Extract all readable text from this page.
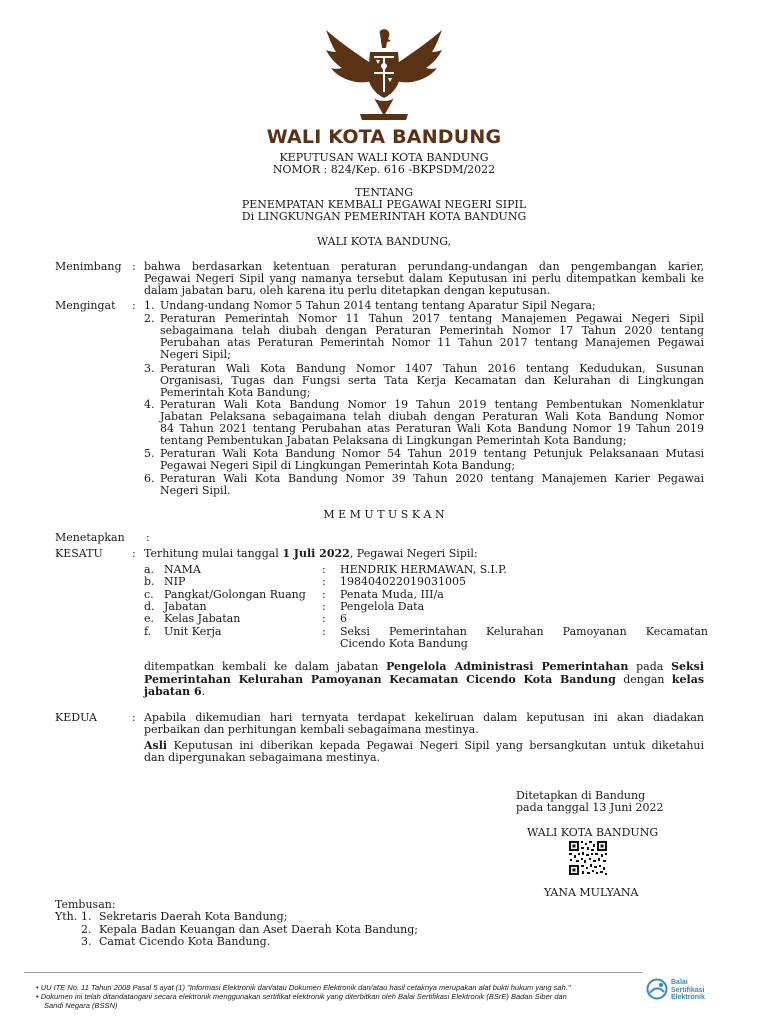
WALI KOTA BANDUNG
KEPUTUSAN WALI KOTA BANDUNG
NOMOR : 824/Kep. 616 -BKPSDM/2022
TENTANG
PENEMPATAN KEMBALI PEGAWAI NEGERI SIPIL
Di LINGKUNGAN PEMERINTAH KOTA BANDUNG
WALI KOTA BANDUNG,
Menimbang : bahwa berdasarkan ketentuan peraturan perundang-undangan dan pengembangan karier,
Pegawai Negeri Sipil yang namanya tersebut dalam Keputusan ini perlu ditempatkan kembali ke
dalam jabatan baru, oleh karena itu perlu ditetapkan dengan keputusan.
Mengingat : 1. Undang-undang Nomor 5 Tahun 2014 tentang tentang Aparatur Sipil Negara;
2. Peraturan Pemerintah Nomor 11 Tahun 2017 tentang Manajemen Pegawai Negeri Sipil
sebagaimana telah diubah dengan Peraturan Pemerintah Nomor 17 Tahun 2020 tentang
Perubahan atas Peraturan Pemerintah Nomor 11 Tahun 2017 tentang Manajemen Pegawai
Negeri Sipil;
3. Peraturan Wali Kota Bandung Nomor 1407 Tahun 2016 tentang Kedudukan, Susunan
Organisasi, Tugas dan Fungsi serta Tata Kerja Kecamatan dan Kelurahan di Lingkungan
Pemerintah Kota Bandung;
4. Peraturan Wali Kota Bandung Nomor 19 Tahun 2019 tentang Pembentukan Nomenklatur
Jabatan Pelaksana sebagaimana telah diubah dengan Peraturan Wali Kota Bandung Nomor
84 Tahun 2021 tentang Perubahan atas Peraturan Wali Kota Bandung Nomor 19 Tahun 2019
tentang Pembentukan Jabatan Pelaksana di Lingkungan Pemerintah Kota Bandung;
5. Peraturan Wali Kota Bandung Nomor 54 Tahun 2019 tentang Petunjuk Pelaksanaan Mutasi
Pegawai Negeri Sipil di Lingkungan Pemerintah Kota Bandung;
6. Peraturan Wali Kota Bandung Nomor 39 Tahun 2020 tentang Manajemen Karier Pegawai
Negeri Sipil.
M E M U T U S K A N
Menetapkan :
KESATU	: Terhitung mulai tanggal 1 Juli 2022, Pegawai Negeri Sipil:
a. NAMA	: HENDRIK HERMAWAN, S.I.P.
b. NIP	: 198404022019031005
c. Pangkat/Golongan Ruang : Penata Muda, III/a
d. Jabatan	: Pengelola Data
e. Kelas Jabatan	: 6
f. Unit Kerja	: Seksi Pemerintahan Kelurahan Pamoyanan Kecamatan
Cicendo Kota Bandung
ditempatkan kembali ke dalam jabatan Pengelola Administrasi Pemerintahan pada Seksi
Pemerintahan Kelurahan Pamoyanan Kecamatan Cicendo Kota Bandung dengan kelas
jabatan 6.
KEDUA	: Apabila dikemudian hari ternyata terdapat kekeliruan dalam keputusan ini akan diadakan
perbaikan dan perhitungan kembali sebagaimana mestinya.
Asli Keputusan ini diberikan kepada Pegawai Negeri Sipil yang bersangkutan untuk diketahui
dan dipergunakan sebagaimana mestinya.
Ditetapkan di Bandung
pada tanggal 13 Juni 2022
WALI KOTA BANDUNG
YANA MULYANA
Tembusan:
Yth. 1. Sekretaris Daerah Kota Bandung;
2. Kepala Badan Keuangan dan Aset Daerah Kota Bandung;
3. Camat Cicendo Kota Bandung.
• UU ITE No. 11 Tahun 2008 Pasal 5 ayat (1) "Informasi Elektronik dan/atau Dokumen Elektronik dan/atau hasil cetaknya merupakan alat bukti hukum yang sah."
• Dokumen ini telah ditandatangani secara elektronik menggunakan sertifikat elektronik yang diterbitkan oleh Balai Sertifikasi Elektronik (BSrE) Badan Siber dan
Sandi Negara (BSSN)
Balai
Sertifikasi
Elektronik
